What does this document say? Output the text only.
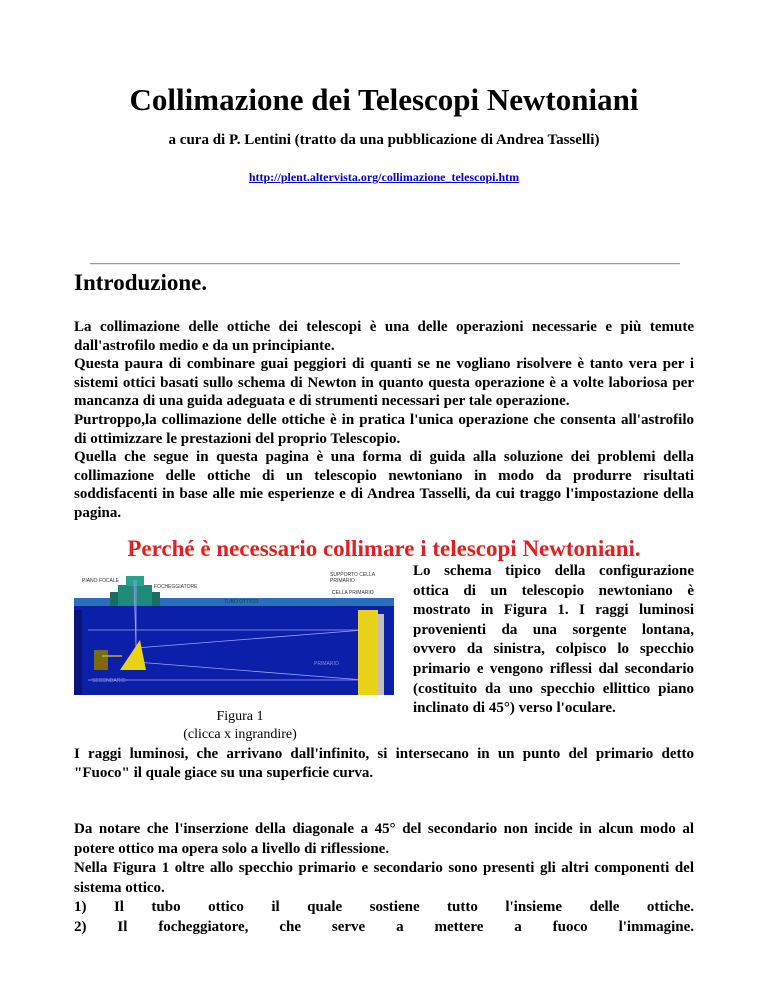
Collimazione dei Telescopi Newtoniani
a cura di P. Lentini (tratto da una pubblicazione di Andrea Tasselli)
http://plent.altervista.org/collimazione_telescopi.htm
Introduzione.

La collimazione delle ottiche dei telescopi è una delle operazioni necessarie e più temute dall'astrofilo medio e da un principiante.

Questa paura di combinare guai peggiori di quanti se ne vogliano risolvere è tanto vera per i sistemi ottici basati sullo schema di Newton in quanto questa operazione è a volte laboriosa per mancanza di una guida adeguata e di strumenti necessari per tale operazione.

Purtroppo,la collimazione delle ottiche è in pratica l'unica operazione che consenta all'astrofilo di ottimizzare le prestazioni del proprio Telescopio.

Quella che segue in questa pagina è una forma di guida alla soluzione dei problemi della collimazione delle ottiche di un telescopio newtoniano in modo da produrre risultati soddisfacenti in base alle mie esperienze e di Andrea Tasselli, da cui traggo l'impostazione della pagina.

Perché è necessario collimare i telescopi Newtoniani.
PIANO FOCALE
FOCHEGGIATORE
TUBO OTTICO
CELLA PRIMARIO
SUPPORTO CELLA
PRIMARIO
PRIMARIO
SECONDARIO
Figura 1
(clicca x ingrandire)

Lo schema tipico della configurazione ottica di un telescopio newtoniano è mostrato in Figura 1. I raggi luminosi provenienti da una sorgente lontana, ovvero da sinistra, colpisco lo specchio primario e vengono riflessi dal secondario (costituito da uno specchio ellittico piano inclinato di 45°) verso l'oculare.

I raggi luminosi, che arrivano dall'infinito, si intersecano in un punto del primario detto "Fuoco" il quale giace su una superficie curva.

Da notare che l'inserzione della diagonale a 45° del secondario non incide in alcun modo al potere ottico ma opera solo a livello di riflessione.

Nella Figura 1 oltre allo specchio primario e secondario sono presenti gli altri componenti del sistema ottico.

1) Il tubo ottico il quale sostiene tutto l'insieme delle ottiche.

2) Il focheggiatore, che serve a mettere a fuoco l'immagine.
